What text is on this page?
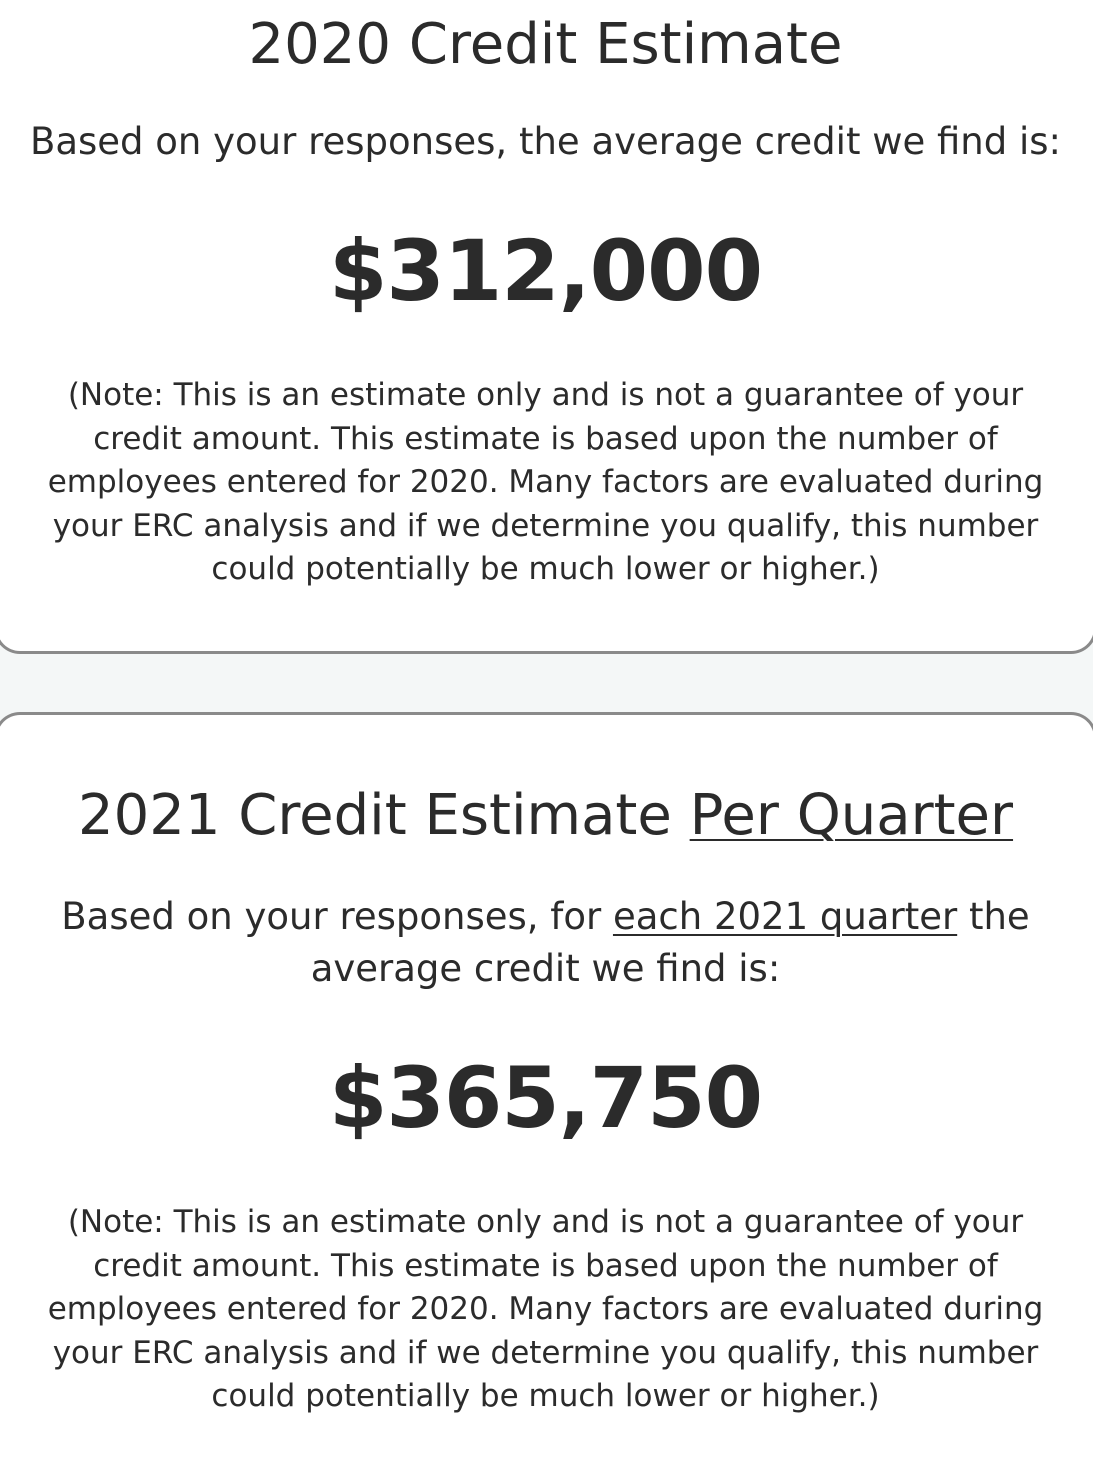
2020 Credit Estimate

Based on your responses, the average credit we find is:

$312,000

(Note: This is an estimate only and is not a guarantee of your credit amount. This estimate is based upon the number of employees entered for 2020. Many factors are evaluated during your ERC analysis and if we determine you qualify, this number could potentially be much lower or higher.)

2021 Credit Estimate Per Quarter

Based on your responses, for each 2021 quarter the average credit we find is:

$365,750

(Note: This is an estimate only and is not a guarantee of your credit amount. This estimate is based upon the number of employees entered for 2020. Many factors are evaluated during your ERC analysis and if we determine you qualify, this number could potentially be much lower or higher.)
